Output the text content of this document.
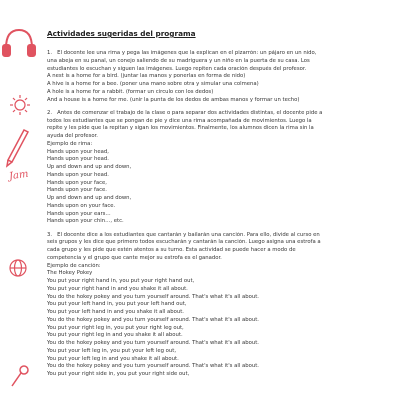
Jam
Actividades sugeridas del programa
1.   El docente lee una rima y pega las imágenes que la explican en el pizarrón: un pájaro en un nido,
una abeja en su panal, un conejo saliendo de su madriguera y un niño en la puerta de su casa. Los
estudiantes lo escuchan y siguen las imágenes. Luego repiten cada oración después del profesor.
A nest is a home for a bird. (juntar las manos y ponerlas en forma de nido)
A hive is a home for a bee. (poner una mano sobre otra y simular una colmena)
A hole is a home for a rabbit. (formar un círculo con los dedos)
And a house is a home for me. (unir la punta de los dedos de ambas manos y formar un techo)
2.   Antes de comenzar el trabajo de la clase o para separar dos actividades distintas, el docente pide a
todos los estudiantes que se pongan de pie y dice una rima acompañada de movimientos. Luego la
repite y les pide que la repitan y sigan los movimientos. Finalmente, los alumnos dicen la rima sin la
ayuda del profesor.
Ejemplo de rima:
Hands upon your head,
Hands upon your head.
Up and down and up and down,
Hands upon your head.
Hands upon your face,
Hands upon your face.
Up and down and up and down,
Hands upon on your face.
Hands upon your ears…
Hands upon your chin…, etc.
3.   El docente dice a los estudiantes que cantarán y bailarán una canción. Para ello, divide al curso en
seis grupos y les dice que primero todos escucharán y cantarán la canción. Luego asigna una estrofa a
cada grupo y les pide que estén atentos a su turno. Esta actividad se puede hacer a modo de
competencia y el grupo que cante mejor su estrofa es el ganador.
Ejemplo de canción:
The Hokey Pokey
You put your right hand in, you put your right hand out,
You put your right hand in and you shake it all about.
You do the hokey pokey and you turn yourself around. That's what it's all about.
You put your left hand in, you put your left hand out,
You put your left hand in and you shake it all about.
You do the hokey pokey and you turn yourself around. That's what it's all about.
You put your right leg in, you put your right leg out,
You put your right leg in and you shake it all about.
You do the hokey pokey and you turn yourself around. That's what it's all about.
You put your left leg in, you put your left leg out,
You put your left leg in and you shake it all about.
You do the hokey pokey and you turn yourself around. That's what it's all about.
You put your right side in, you put your right side out,
